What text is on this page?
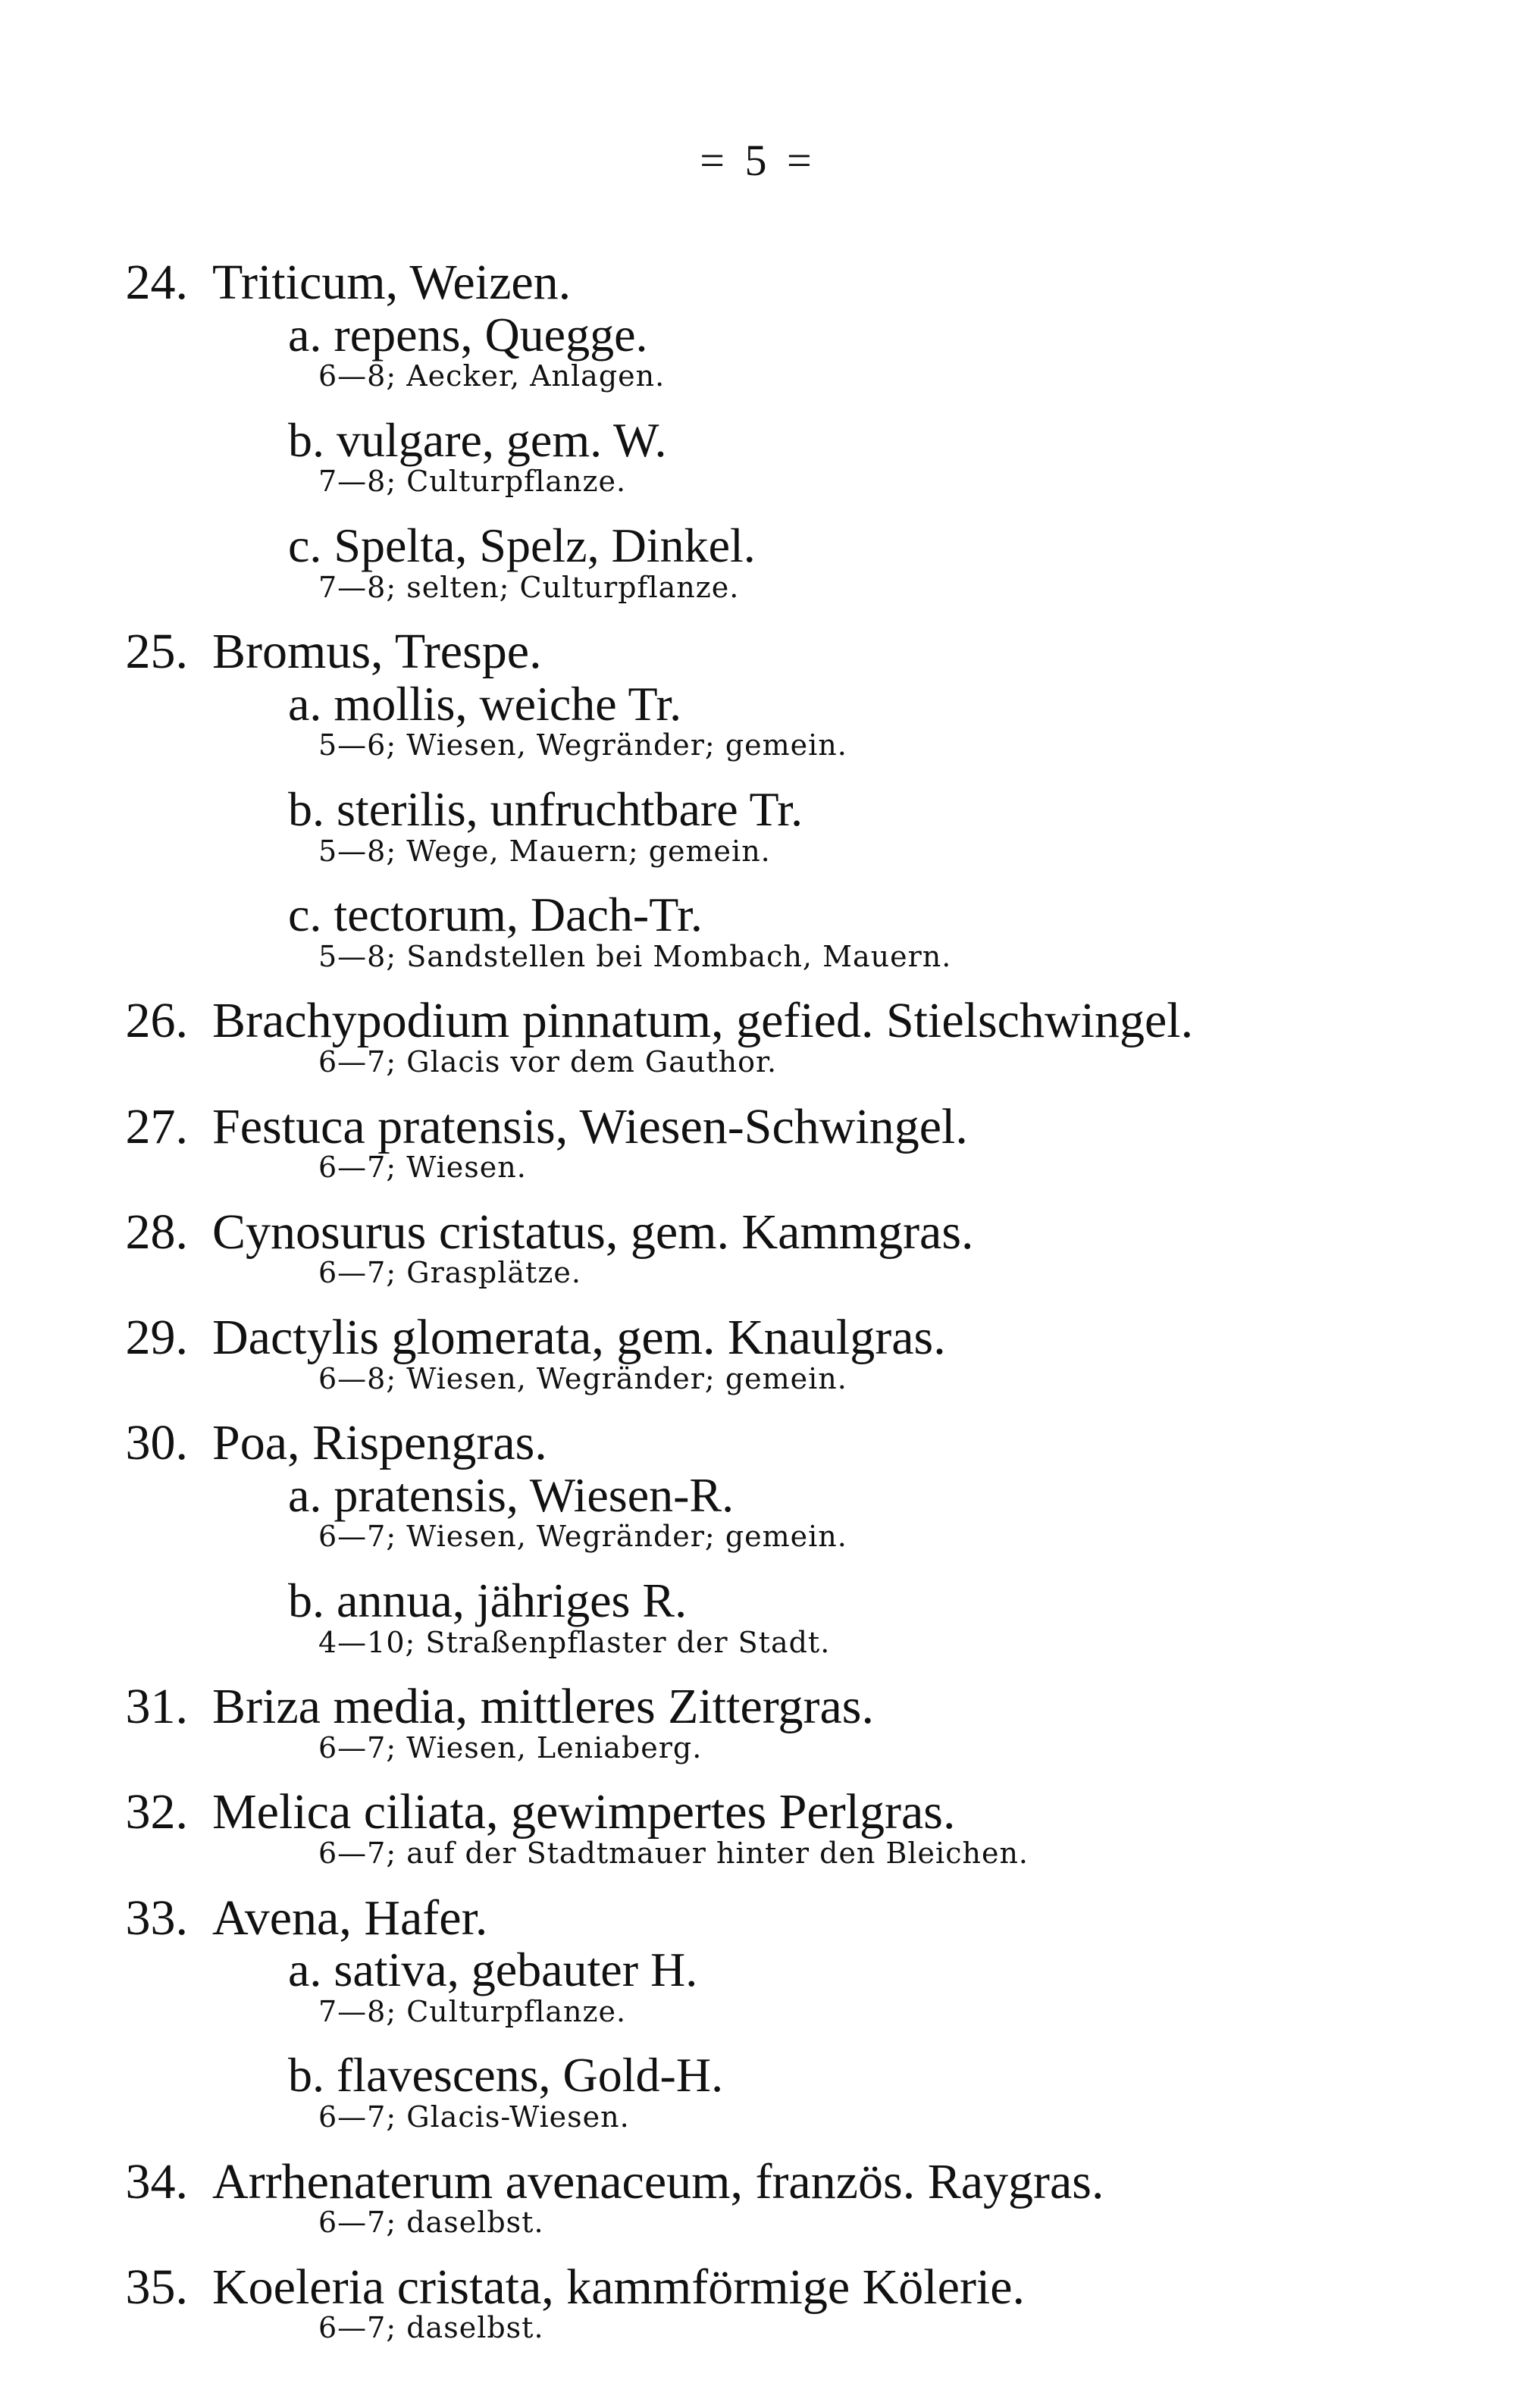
= 5 =
24. Triticum, Weizen.
a. repens, Quegge.
6—8; Aecker, Anlagen.
b. vulgare, gem. W.
7—8; Culturpflanze.
c. Spelta, Spelz, Dinkel.
7—8; selten; Culturpflanze.
25. Bromus, Trespe.
a. mollis, weiche Tr.
5—6; Wiesen, Wegränder; gemein.
b. sterilis, unfruchtbare Tr.
5—8; Wege, Mauern; gemein.
c. tectorum, Dach-Tr.
5—8; Sandstellen bei Mombach, Mauern.
26. Brachypodium pinnatum, gefied. Stielschwingel.
6—7; Glacis vor dem Gauthor.
27. Festuca pratensis, Wiesen-Schwingel.
6—7; Wiesen.
28. Cynosurus cristatus, gem. Kammgras.
6—7; Grasplätze.
29. Dactylis glomerata, gem. Knaulgras.
6—8; Wiesen, Wegränder; gemein.
30. Poa, Rispengras.
a. pratensis, Wiesen-R.
6—7; Wiesen, Wegränder; gemein.
b. annua, jähriges R.
4—10; Straßenpflaster der Stadt.
31. Briza media, mittleres Zittergras.
6—7; Wiesen, Leniaberg.
32. Melica ciliata, gewimpertes Perlgras.
6—7; auf der Stadtmauer hinter den Bleichen.
33. Avena, Hafer.
a. sativa, gebauter H.
7—8; Culturpflanze.
b. flavescens, Gold-H.
6—7; Glacis-Wiesen.
34. Arrhenaterum avenaceum, französ. Raygras.
6—7; daselbst.
35. Koeleria cristata, kammförmige Kölerie.
6—7; daselbst.
